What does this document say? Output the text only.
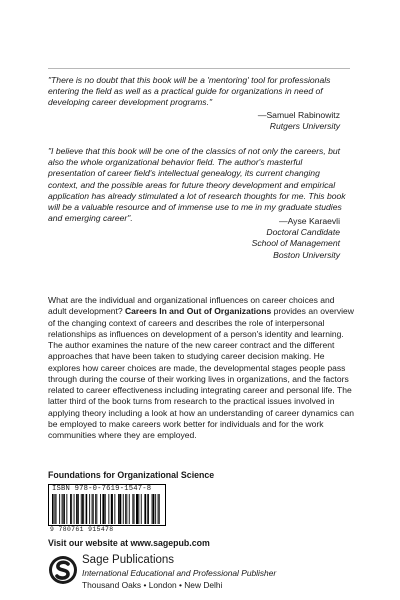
"There is no doubt that this book will be a 'mentoring' tool for professionals entering the field as well as a practical guide for organizations in need of developing career development programs."
—Samuel Rabinowitz
Rutgers University
"I believe that this book will be one of the classics of not only the careers, but also the whole organizational behavior field. The author's masterful presentation of career field's intellectual genealogy, its current changing context, and the possible areas for future theory development and empirical application has already stimulated a lot of research thoughts for me. This book will be a valuable resource and of immense use to me in my graduate studies and emerging career".	—Ayse Karaevli
Doctoral Candidate
School of Management
Boston University
What are the individual and organizational influences on career choices and adult development? Careers In and Out of Organizations provides an overview of the changing context of careers and describes the role of interpersonal relationships as influences on development of a person's identity and learning. The author examines the nature of the new career contract and the different approaches that have been taken to studying career decision making. He explores how career choices are made, the developmental stages people pass through during the course of their working lives in organizations, and the factors related to career effectiveness including integrating career and personal life. The latter third of the book turns from research to the practical issues involved in applying theory including a look at how an understanding of career dynamics can be employed to make careers work better for individuals and for the work communities where they are employed.
Foundations for Organizational Science
ISBN 978-0-7619-1547-8
9 780761 915478
Visit our website at www.sagepub.com
Sage Publications
International Educational and Professional Publisher
Thousand Oaks • London • New Delhi
